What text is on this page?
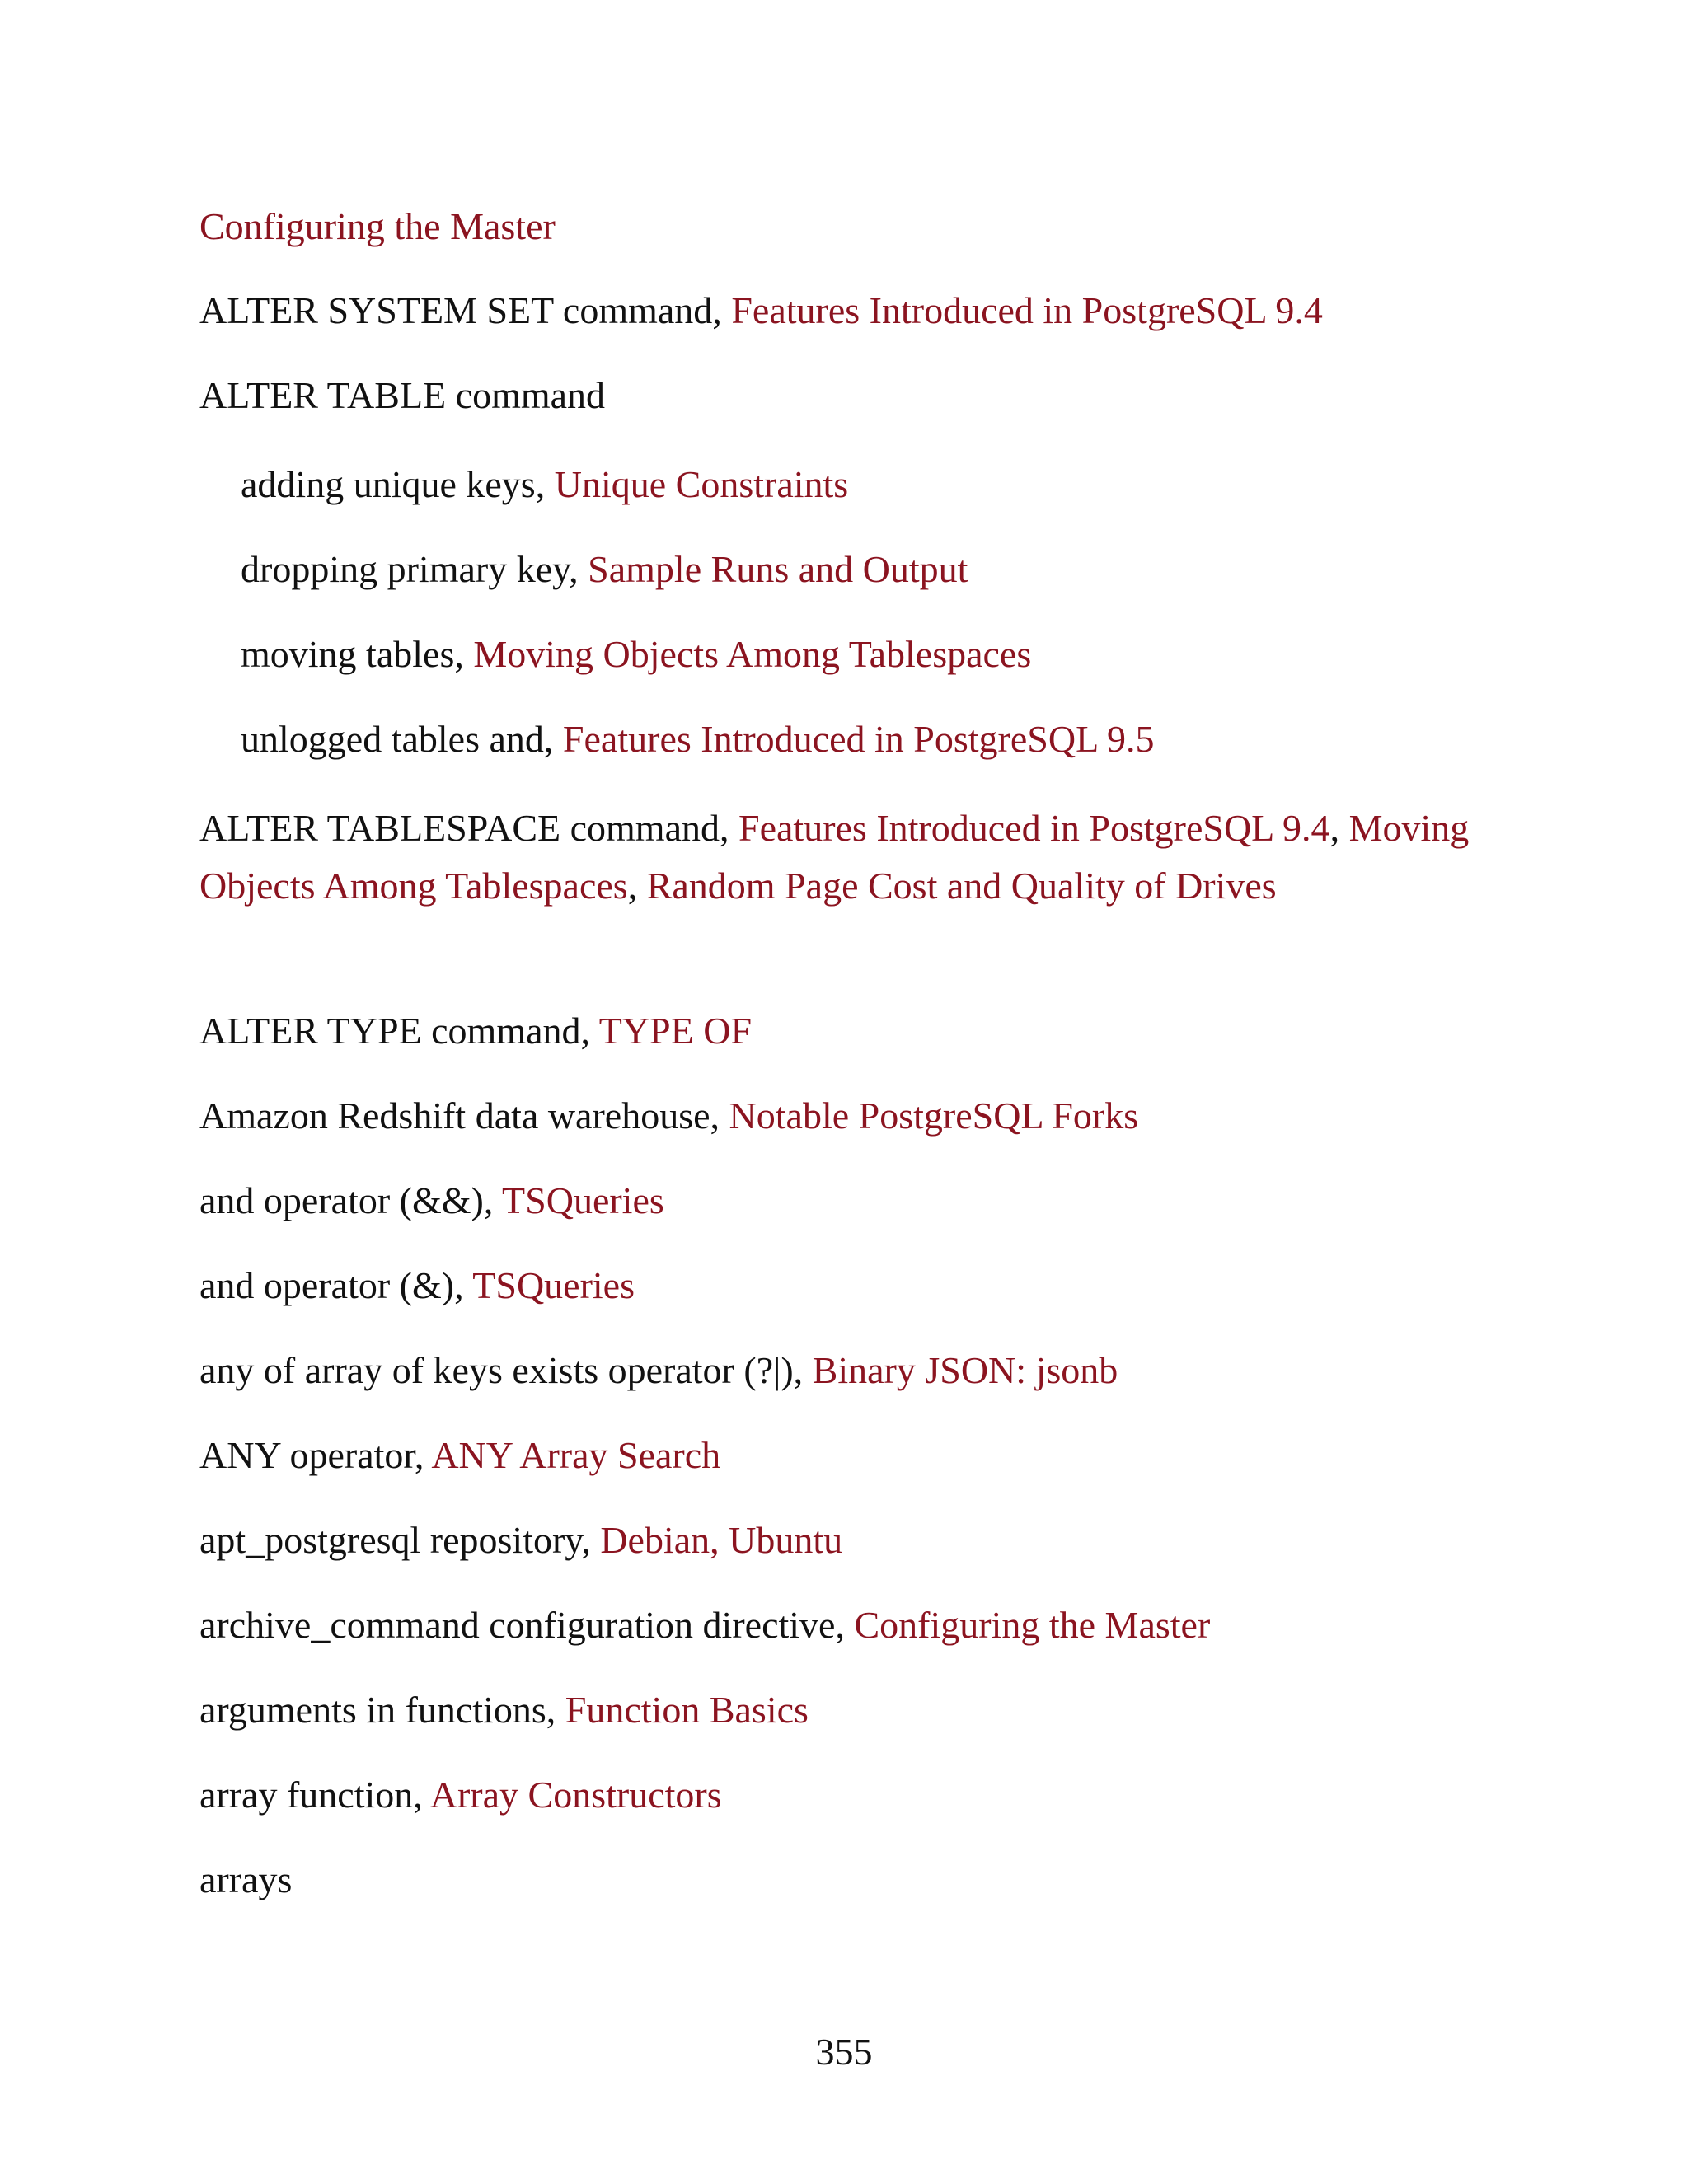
Configuring the Master
ALTER SYSTEM SET command, Features Introduced in PostgreSQL 9.4
ALTER TABLE command
adding unique keys, Unique Constraints
dropping primary key, Sample Runs and Output
moving tables, Moving Objects Among Tablespaces
unlogged tables and, Features Introduced in PostgreSQL 9.5
ALTER TABLESPACE command, Features Introduced in PostgreSQL 9.4, Moving Objects Among Tablespaces, Random Page Cost and Quality of Drives
ALTER TYPE command, TYPE OF
Amazon Redshift data warehouse, Notable PostgreSQL Forks
and operator (&&), TSQueries
and operator (&), TSQueries
any of array of keys exists operator (?|), Binary JSON: jsonb
ANY operator, ANY Array Search
apt_postgresql repository, Debian, Ubuntu
archive_command configuration directive, Configuring the Master
arguments in functions, Function Basics
array function, Array Constructors
arrays
355
